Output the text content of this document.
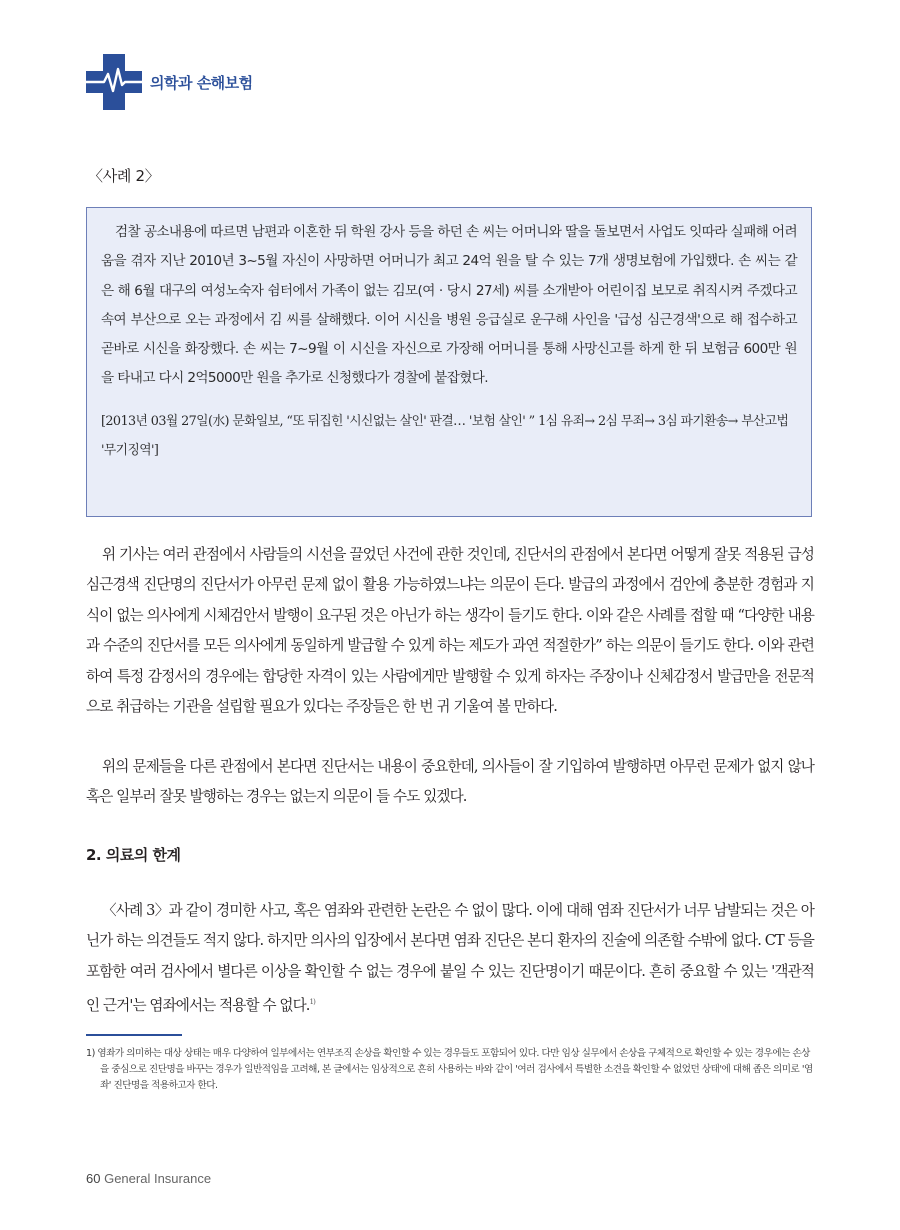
의학과 손해보험
〈사례 2〉

검찰 공소내용에 따르면 남편과 이혼한 뒤 학원 강사 등을 하던 손 씨는 어머니와 딸을 돌보면서 사업도 잇따라 실패해 어려움을 겪자 지난 2010년 3~5월 자신이 사망하면 어머니가 최고 24억 원을 탈 수 있는 7개 생명보험에 가입했다. 손 씨는 같은 해 6월 대구의 여성노숙자 쉼터에서 가족이 없는 김모(여 · 당시 27세) 씨를 소개받아 어린이집 보모로 취직시켜 주겠다고 속여 부산으로 오는 과정에서 김 씨를 살해했다. 이어 시신을 병원 응급실로 운구해 사인을 '급성 심근경색'으로 해 접수하고 곧바로 시신을 화장했다. 손 씨는 7~9월 이 시신을 자신으로 가장해 어머니를 통해 사망신고를 하게 한 뒤 보험금 600만 원을 타내고 다시 2억5000만 원을 추가로 신청했다가 경찰에 붙잡혔다.

[2013년 03월 27일(水) 문화일보, “또 뒤집힌 '시신없는 살인' 판결… '보험 살인' ” 1심 유죄→ 2심 무죄→ 3심 파기환송→ 부산고법 '무기징역']

위 기사는 여러 관점에서 사람들의 시선을 끌었던 사건에 관한 것인데, 진단서의 관점에서 본다면 어떻게 잘못 적용된 급성 심근경색 진단명의 진단서가 아무런 문제 없이 활용 가능하였느냐는 의문이 든다. 발급의 과정에서 검안에 충분한 경험과 지식이 없는 의사에게 시체검안서 발행이 요구된 것은 아닌가 하는 생각이 들기도 한다. 이와 같은 사례를 접할 때 “다양한 내용과 수준의 진단서를 모든 의사에게 동일하게 발급할 수 있게 하는 제도가 과연 적절한가” 하는 의문이 들기도 한다. 이와 관련하여 특정 감정서의 경우에는 합당한 자격이 있는 사람에게만 발행할 수 있게 하자는 주장이나 신체감정서 발급만을 전문적으로 취급하는 기관을 설립할 필요가 있다는 주장들은 한 번 귀 기울여 볼 만하다.

위의 문제들을 다른 관점에서 본다면 진단서는 내용이 중요한데, 의사들이 잘 기입하여 발행하면 아무런 문제가 없지 않나 혹은 일부러 잘못 발행하는 경우는 없는지 의문이 들 수도 있겠다.

2. 의료의 한계

〈사례 3〉과 같이 경미한 사고, 혹은 염좌와 관련한 논란은 수 없이 많다. 이에 대해 염좌 진단서가 너무 남발되는 것은 아닌가 하는 의견들도 적지 않다. 하지만 의사의 입장에서 본다면 염좌 진단은 본디 환자의 진술에 의존할 수밖에 없다. CT 등을 포함한 여러 검사에서 별다른 이상을 확인할 수 없는 경우에 붙일 수 있는 진단명이기 때문이다. 흔히 중요할 수 있는 '객관적인 근거'는 염좌에서는 적용할 수 없다.$^{1)}$

1) 염좌가 의미하는 대상 상태는 매우 다양하여 일부에서는 연부조직 손상을 확인할 수 있는 경우들도 포함되어 있다. 다만 임상 실무에서 손상을 구체적으로 확인할 수 있는 경우에는 손상을 중심으로 진단명을 바꾸는 경우가 일반적임을 고려해, 본 글에서는 임상적으로 흔히 사용하는 바와 같이 '여러 검사에서 특별한 소견을 확인할 수 없었던 상태'에 대해 좁은 의미로 '염좌' 진단명을 적용하고자 한다.

60 General Insurance
